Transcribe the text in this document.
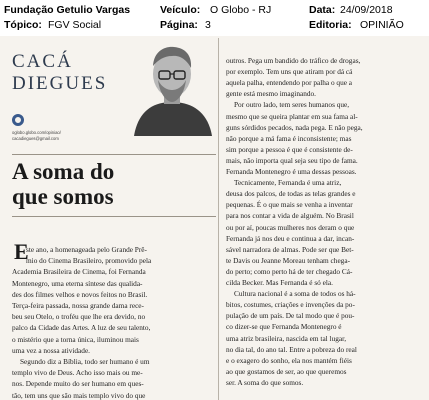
Fundação Getulio Vargas	Veículo: O Globo - RJ	Data: 24/09/2018
Tópico: FGV Social	Página: 3	Editoria: OPINIÃO
CACÁ
DIEGUES
oglobo.globo.com/opiniao/
cacadiegues@gmail.com
A soma do
que somos
E
ste ano, a homenageada pelo Grande Prê-
mio do Cinema Brasileiro, promovido pela
Academia Brasileira de Cinema, foi Fernanda
Montenegro, uma eterna síntese das qualida-
des dos filmes velhos e novos feitos no Brasil.
Terça-feira passada, nossa grande dama rece-
beu seu Otelo, o troféu que lhe era devido, no
palco da Cidade das Artes. A luz de seu talento,
o mistério que a torna única, iluminou mais
uma vez a nossa atividade.
Segundo diz a Bíblia, todo ser humano é um
templo vivo de Deus. Acho isso mais ou me-
nos. Depende muito do ser humano em ques-
tão, tem uns que são mais templo vivo do que
outros. Pega um bandido do tráfico de drogas,
por exemplo. Tem uns que atiram por dá cá
aquela palha, entendendo por palha o que a
gente está mesmo imaginando.
Por outro lado, tem seres humanos que,
mesmo que se queira plantar em sua fama al-
guns sórdidos pecados, nada pega. E não pega,
não porque a má fama é inconsistente; mas
sim porque a pessoa é que é consistente de-
mais, não importa qual seja seu tipo de fama.
Fernanda Montenegro é uma dessas pessoas.
Tecnicamente, Fernanda é uma atriz,
deusa dos palcos, de todas as telas grandes e
pequenas. É o que mais se venha a inventar
para nos contar a vida de alguém. No Brasil
ou por aí, poucas mulheres nos deram o que
Fernanda já nos deu e continua a dar, incan-
sável narradora de almas. Pode ser que Bet-
te Davis ou Jeanne Moreau tenham chega-
do perto; como perto há de ter chegado Cá-
cilda Becker. Mas Fernanda é só ela.
Cultura nacional é a soma de todos os há-
bitos, costumes, criações e invenções da po-
pulação de um país. De tal modo que é pou-
co dizer-se que Fernanda Montenegro é
uma atriz brasileira, nascida em tal lugar,
no dia tal, do ano tal. Entre a pobreza do real
e o exagero do sonho, ela nos mantém fiéis
ao que gostamos de ser, ao que queremos
ser. A soma do que somos.
